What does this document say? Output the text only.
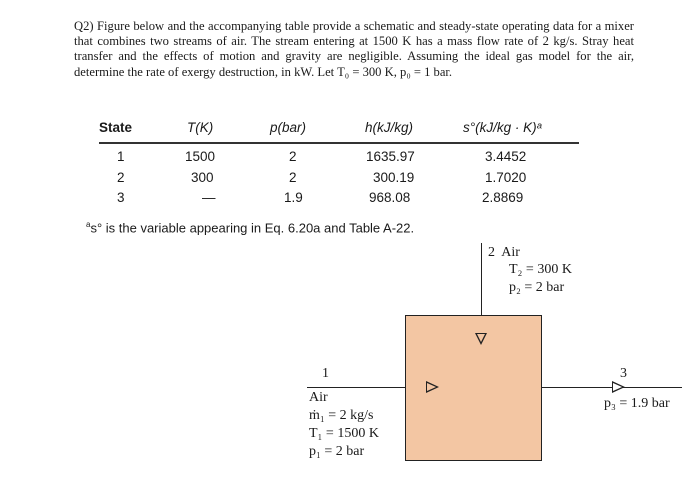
Q2) Figure below and the accompanying table provide a schematic and steady-state operating data for a mixer that combines two streams of air. The stream entering at 1500 K has a mass flow rate of 2 kg/s. Stray heat transfer and the effects of motion and gravity are negligible. Assuming the ideal gas model for the air, determine the rate of exergy destruction, in kW. Let T₀ = 300 K, p₀ = 1 bar.
State	T(K)	p(bar)	h(kJ/kg)	s°(kJ/kg · K)ᵃ
1	1500	2	1635.97	3.4452
2	300	2	300.19	1.7020
3	—	1.9	968.08	2.8869
$^a$s° is the variable appearing in Eq. 6.20a and Table A-22.
2 Air
T₂ = 300 K
p₂ = 2 bar
1
Air
ṁ₁ = 2 kg/s
T₁ = 1500 K
p₁ = 2 bar
3
p₃ = 1.9 bar
